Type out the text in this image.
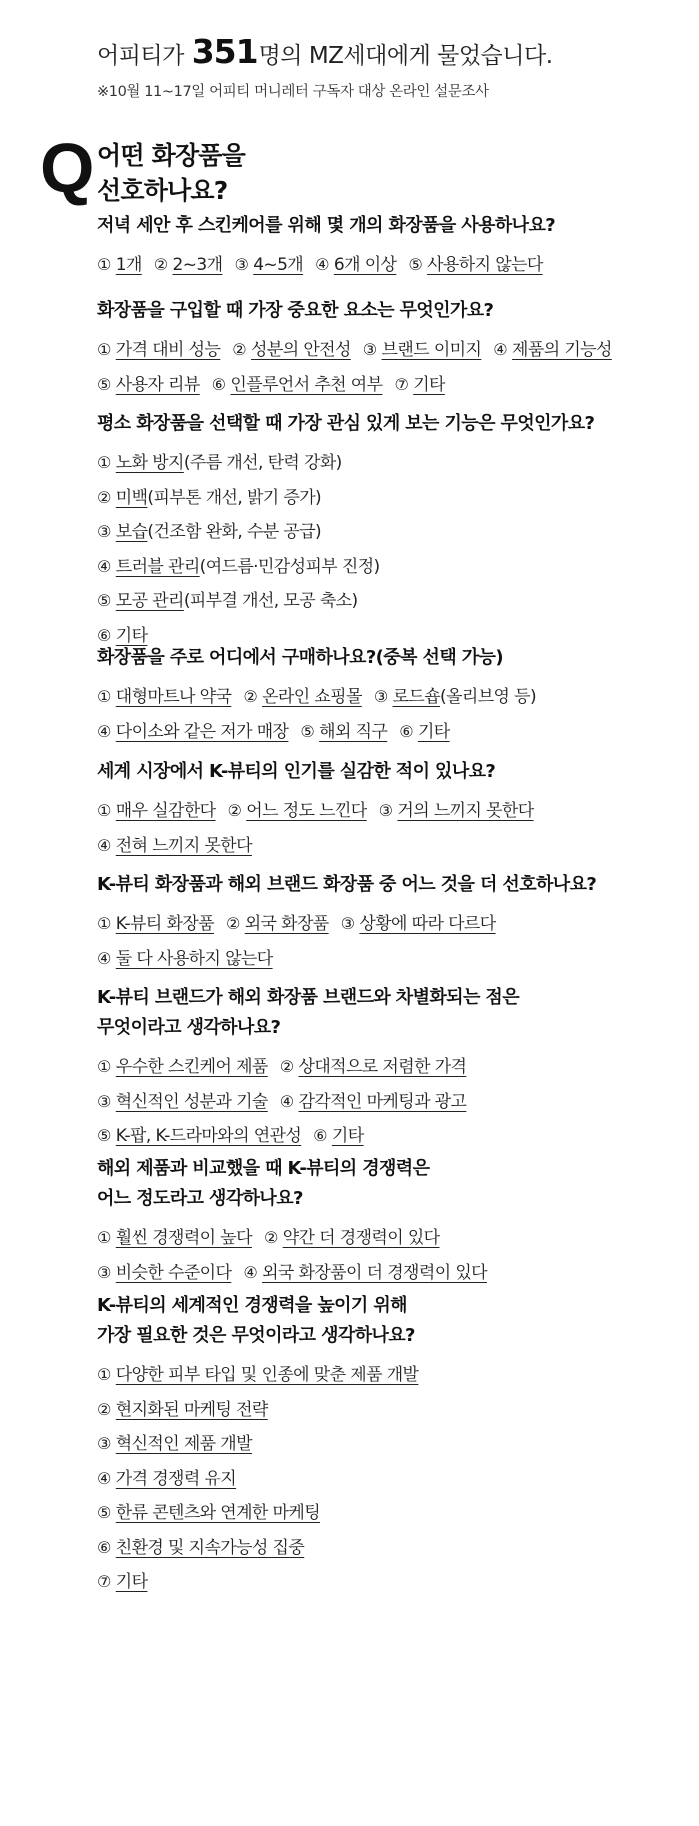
어피티가 351명의 MZ세대에게 물었습니다.
※10월 11~17일 어피티 머니레터 구독자 대상 온라인 설문조사
Q 어떤 화장품을
선호하나요?
저녁 세안 후 스킨케어를 위해 몇 개의 화장품을 사용하나요?
① 1개 ② 2~3개 ③ 4~5개 ④ 6개 이상 ⑤ 사용하지 않는다
화장품을 구입할 때 가장 중요한 요소는 무엇인가요?
① 가격 대비 성능 ② 성분의 안전성 ③ 브랜드 이미지 ④ 제품의 기능성
⑤ 사용자 리뷰 ⑥ 인플루언서 추천 여부 ⑦ 기타
평소 화장품을 선택할 때 가장 관심 있게 보는 기능은 무엇인가요?
① 노화 방지(주름 개선, 탄력 강화)
② 미백(피부톤 개선, 밝기 증가)
③ 보습(건조함 완화, 수분 공급)
④ 트러블 관리(여드름·민감성피부 진정)
⑤ 모공 관리(피부결 개선, 모공 축소)
⑥ 기타
화장품을 주로 어디에서 구매하나요?(중복 선택 가능)
① 대형마트나 약국 ② 온라인 쇼핑몰 ③ 로드숍(올리브영 등)
④ 다이소와 같은 저가 매장 ⑤ 해외 직구 ⑥ 기타
세계 시장에서 K-뷰티의 인기를 실감한 적이 있나요?
① 매우 실감한다 ② 어느 정도 느낀다 ③ 거의 느끼지 못한다
④ 전혀 느끼지 못한다
K-뷰티 화장품과 해외 브랜드 화장품 중 어느 것을 더 선호하나요?
① K-뷰티 화장품 ② 외국 화장품 ③ 상황에 따라 다르다
④ 둘 다 사용하지 않는다
K-뷰티 브랜드가 해외 화장품 브랜드와 차별화되는 점은
무엇이라고 생각하나요?
① 우수한 스킨케어 제품 ② 상대적으로 저렴한 가격
③ 혁신적인 성분과 기술 ④ 감각적인 마케팅과 광고
⑤ K-팝, K-드라마와의 연관성 ⑥ 기타
해외 제품과 비교했을 때 K-뷰티의 경쟁력은
어느 정도라고 생각하나요?
① 훨씬 경쟁력이 높다 ② 약간 더 경쟁력이 있다
③ 비슷한 수준이다 ④ 외국 화장품이 더 경쟁력이 있다
K-뷰티의 세계적인 경쟁력을 높이기 위해
가장 필요한 것은 무엇이라고 생각하나요?
① 다양한 피부 타입 및 인종에 맞춘 제품 개발
② 현지화된 마케팅 전략
③ 혁신적인 제품 개발
④ 가격 경쟁력 유지
⑤ 한류 콘텐츠와 연계한 마케팅
⑥ 친환경 및 지속가능성 집중
⑦ 기타
